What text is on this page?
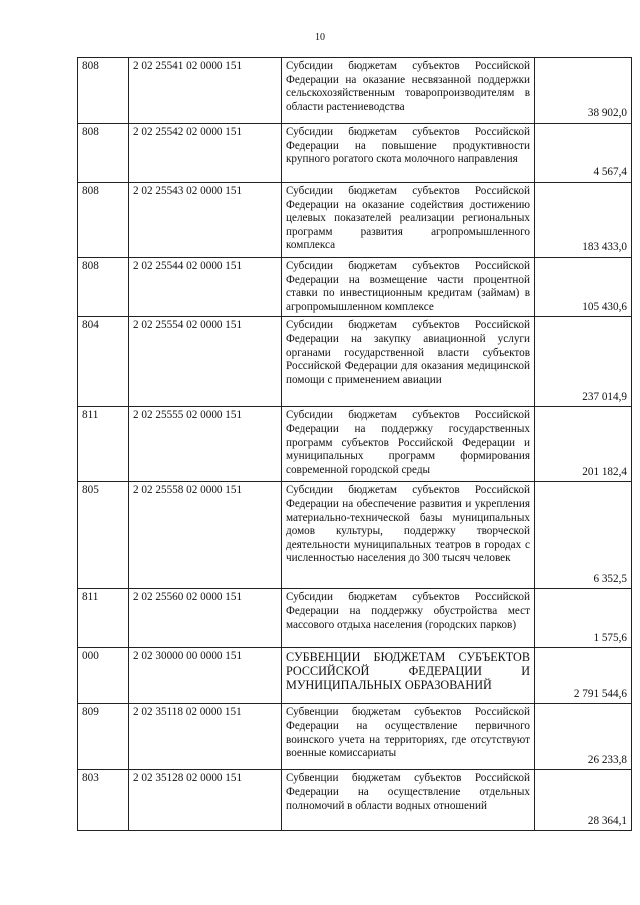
10
808	2 02 25541 02 0000 151	Субсидии бюджетам субъектов Российской Федерации на оказание несвязанной поддержки сельскохозяйственным товаропроизводителям в области растениеводства	38 902,0
808	2 02 25542 02 0000 151	Субсидии бюджетам субъектов Российской Федерации на повышение продуктивности крупного рогатого скота молочного направления	4 567,4
808	2 02 25543 02 0000 151	Субсидии бюджетам субъектов Российской Федерации на оказание содействия достижению целевых показателей реализации региональных программ развития агропромышленного комплекса	183 433,0
808	2 02 25544 02 0000 151	Субсидии бюджетам субъектов Российской Федерации на возмещение части процентной ставки по инвестиционным кредитам (займам) в агропромышленном комплексе	105 430,6
804	2 02 25554 02 0000 151	Субсидии бюджетам субъектов Российской Федерации на закупку авиационной услуги органами государственной власти субъектов Российской Федерации для оказания медицинской помощи с применением авиации	237 014,9
811	2 02 25555 02 0000 151	Субсидии бюджетам субъектов Российской Федерации на поддержку государственных программ субъектов Российской Федерации и муниципальных программ формирования современной городской среды	201 182,4
805	2 02 25558 02 0000 151	Субсидии бюджетам субъектов Российской Федерации на обеспечение развития и укрепления материально-технической базы муниципальных домов культуры, поддержку творческой деятельности муниципальных театров в городах с численностью населения до 300 тысяч человек	6 352,5
811	2 02 25560 02 0000 151	Субсидии бюджетам субъектов Российской Федерации на поддержку обустройства мест массового отдыха населения (городских парков)	1 575,6
000	2 02 30000 00 0000 151	СУБВЕНЦИИ БЮДЖЕТАМ СУБЪЕКТОВ РОССИЙСКОЙ ФЕДЕРАЦИИ И МУНИЦИПАЛЬНЫХ ОБРАЗОВАНИЙ	2 791 544,6
809	2 02 35118 02 0000 151	Субвенции бюджетам субъектов Российской Федерации на осуществление первичного воинского учета на территориях, где отсутствуют военные комиссариаты	26 233,8
803	2 02 35128 02 0000 151	Субвенции бюджетам субъектов Российской Федерации на осуществление отдельных полномочий в области водных отношений	28 364,1
